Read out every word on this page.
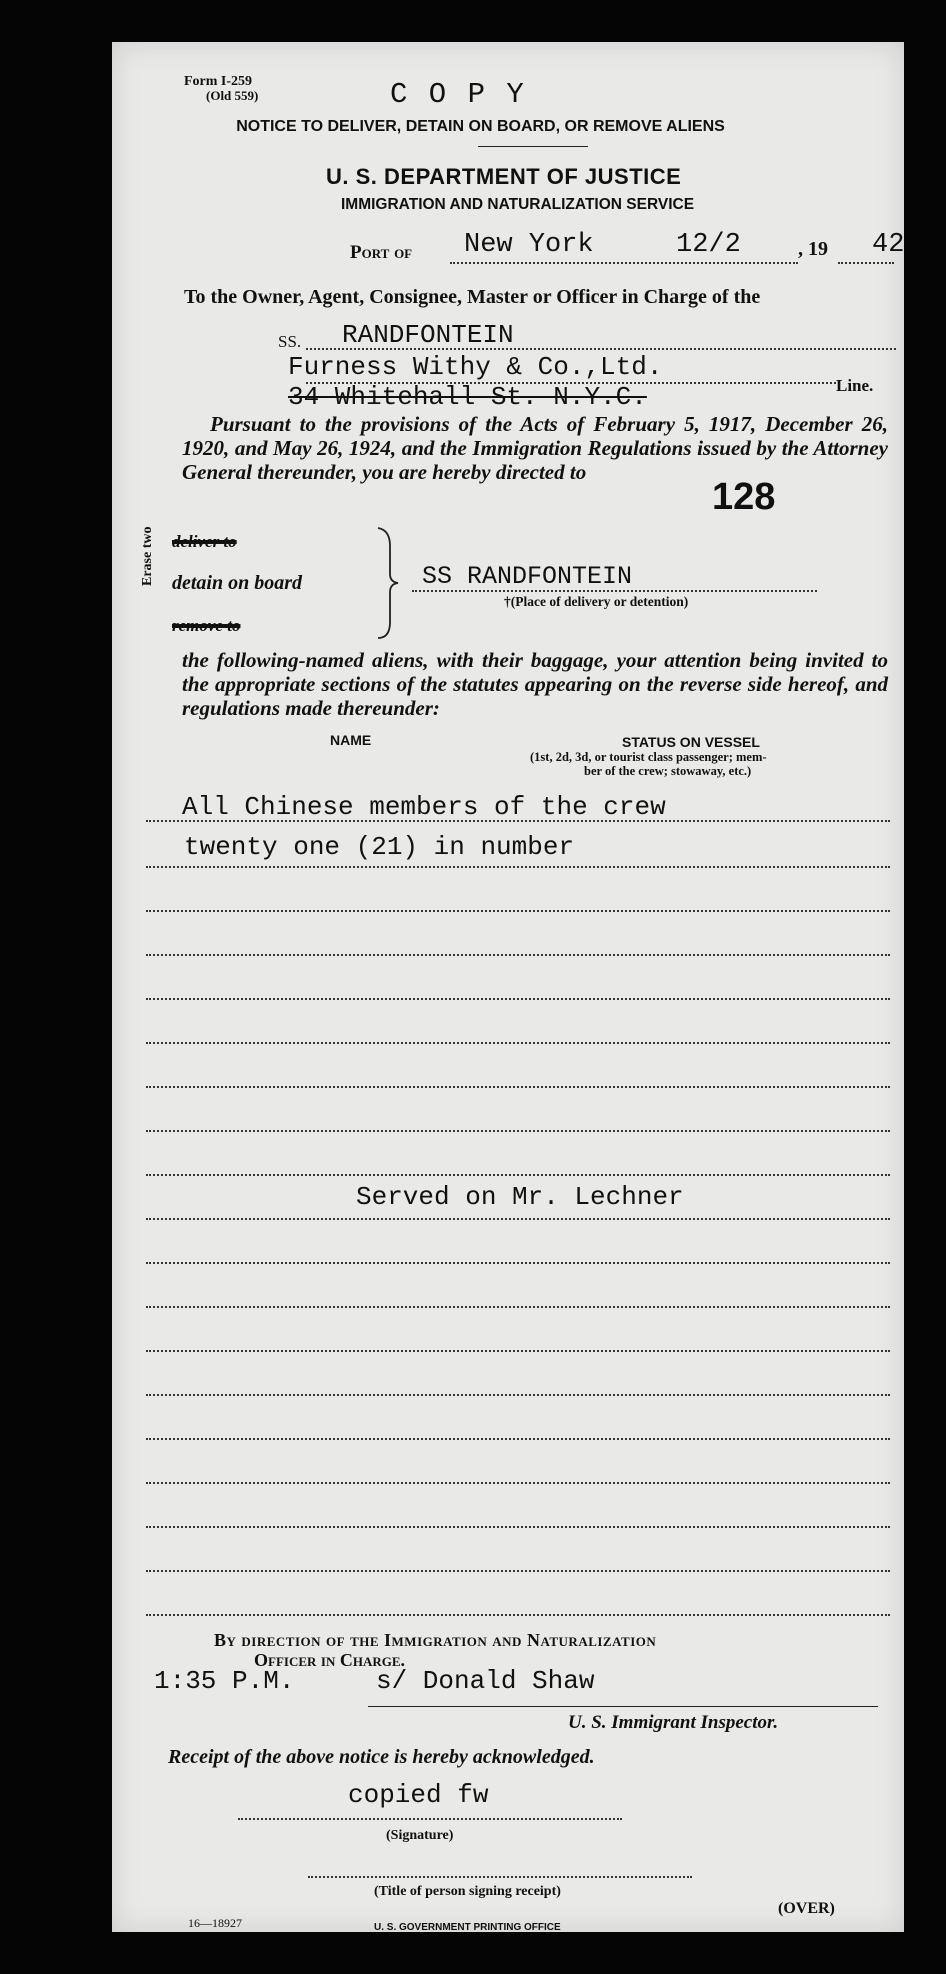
Form I-259
(Old 559)	C O P Y
NOTICE TO DELIVER, DETAIN ON BOARD, OR REMOVE ALIENS
U. S. DEPARTMENT OF JUSTICE
IMMIGRATION AND NATURALIZATION SERVICE
Port of New York	12/2	, 19 42
To the Owner, Agent, Consignee, Master or Officer in Charge of the
SS. RANDFONTEIN
Furness Withy & Co.,Ltd.
34 Whitehall St. N.Y.C.	Line.
Pursuant to the provisions of the Acts of February 5, 1917, December 26, 1920, and May 26, 1924, and the Immigration Regulations issued by the Attorney General thereunder, you are hereby directed to
128
Erase two deliver to
detain on board
remove to
SS RANDFONTEIN
†(Place of delivery or detention)
the following-named aliens, with their baggage, your attention being invited to the appropriate sections of the statutes appearing on the reverse side hereof, and regulations made thereunder:
NAME	STATUS ON VESSEL
(1st, 2d, 3d, or tourist class passenger; mem-
ber of the crew; stowaway, etc.)
All Chinese members of the crew
twenty one (21) in number
Served on Mr. Lechner
By direction of the Immigration and Naturalization
Officer in Charge.
1:35 P.M.	s/ Donald Shaw
U. S. Immigrant Inspector.
Receipt of the above notice is hereby acknowledged.
copied fw
(Signature)
(Title of person signing receipt)
16—18927	U. S. GOVERNMENT PRINTING OFFICE
(OVER)
